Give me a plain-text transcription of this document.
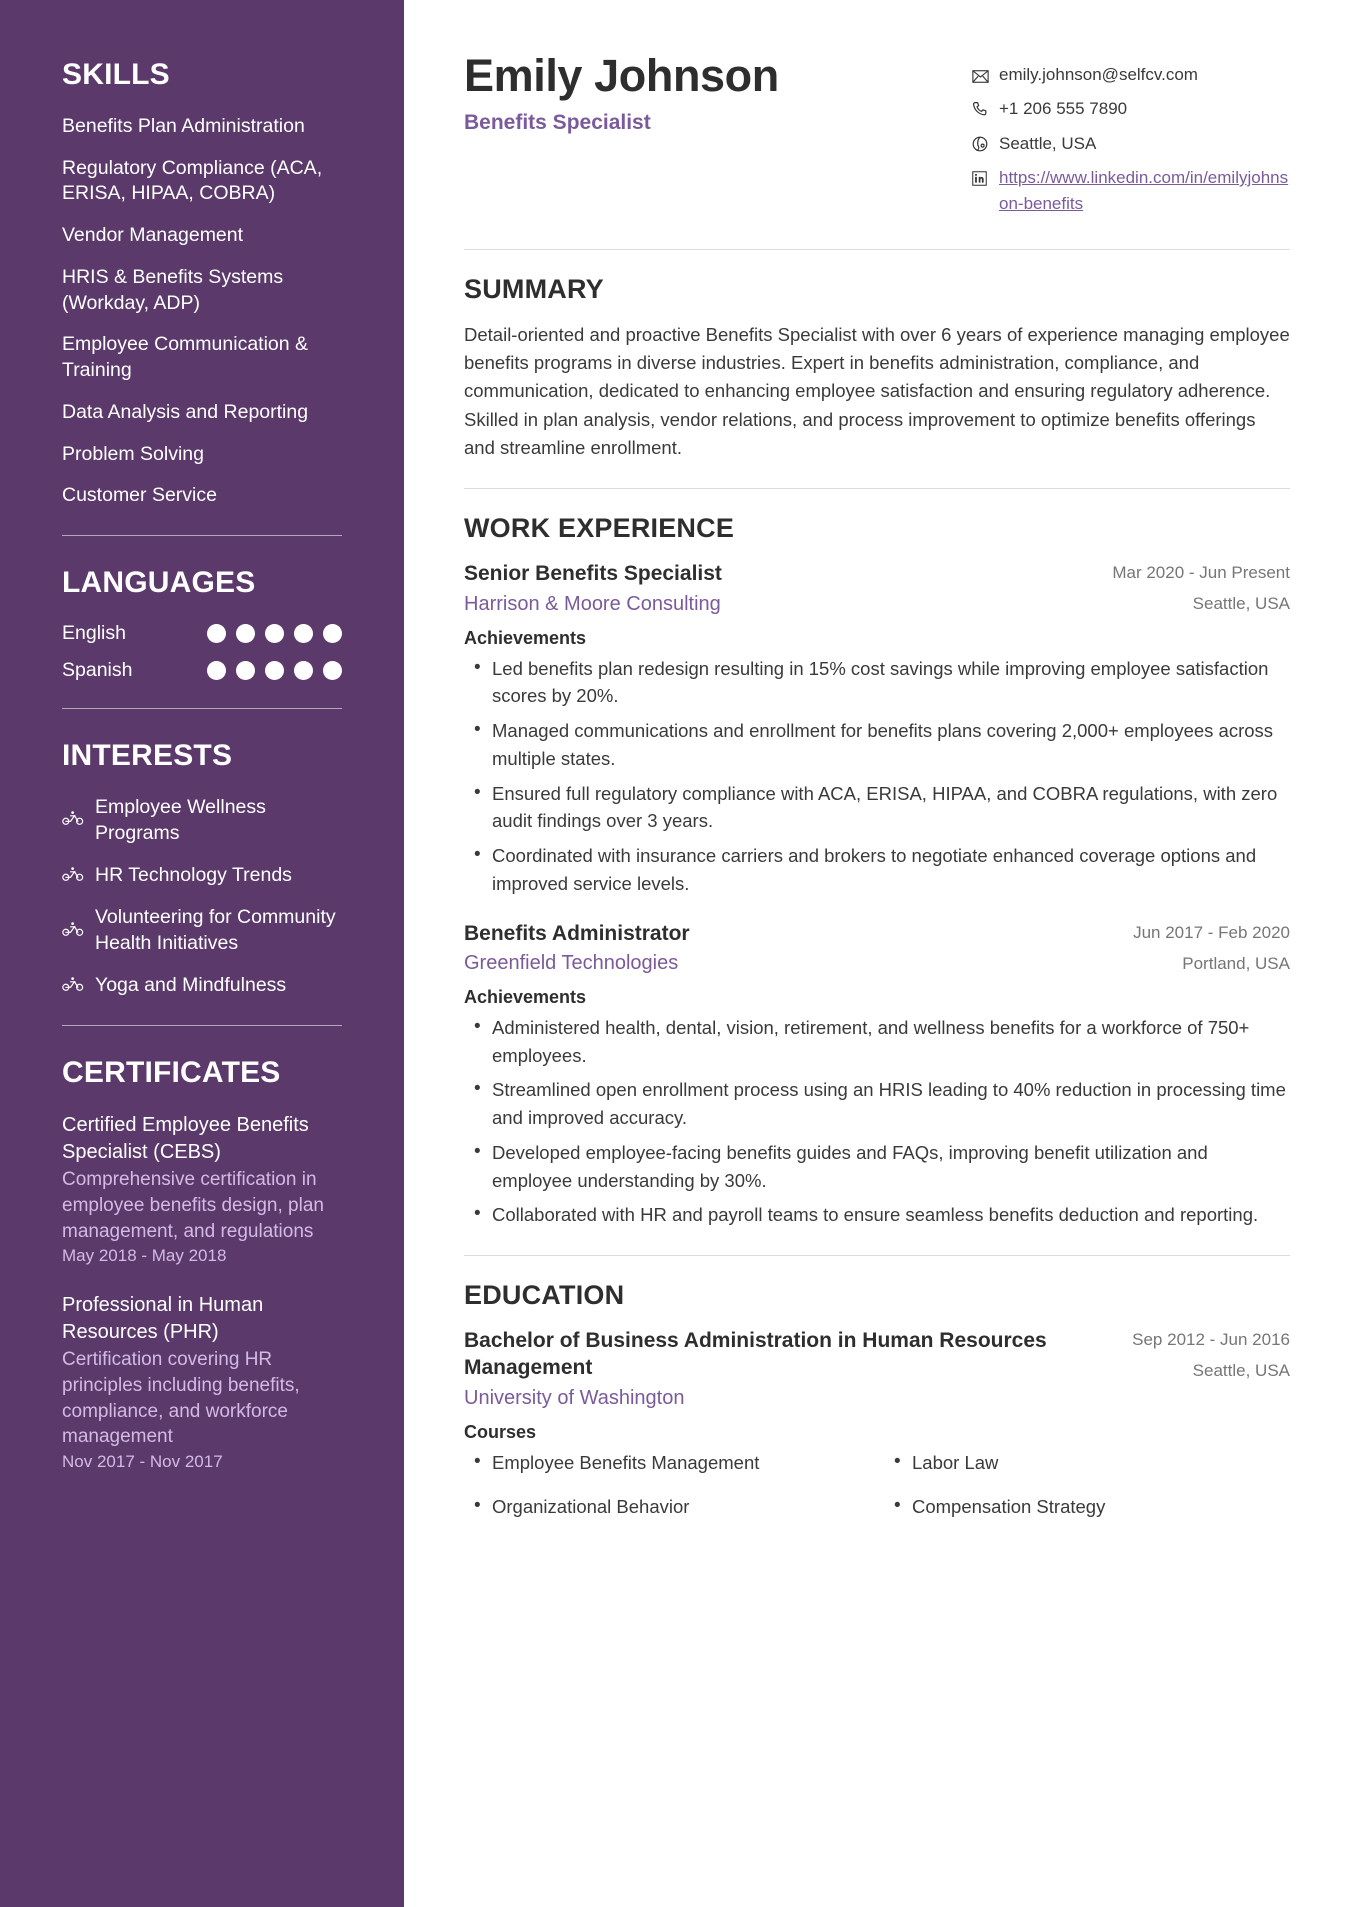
SKILLS
Benefits Plan Administration
Regulatory Compliance (ACA, ERISA, HIPAA, COBRA)
Vendor Management
HRIS & Benefits Systems (Workday, ADP)
Employee Communication & Training
Data Analysis and Reporting
Problem Solving
Customer Service
LANGUAGES
English
Spanish
INTERESTS
Employee Wellness Programs
HR Technology Trends
Volunteering for Community Health Initiatives
Yoga and Mindfulness
CERTIFICATES
Certified Employee Benefits Specialist (CEBS)
Comprehensive certification in employee benefits design, plan management, and regulations
May 2018 - May 2018
Professional in Human Resources (PHR)
Certification covering HR principles including benefits, compliance, and workforce management
Nov 2017 - Nov 2017
Emily Johnson
Benefits Specialist
emily.johnson@selfcv.com
+1 206 555 7890
Seattle, USA
https://www.linkedin.com/in/emilyjohnson-benefits
SUMMARY

Detail-oriented and proactive Benefits Specialist with over 6 years of experience managing employee benefits programs in diverse industries. Expert in benefits administration, compliance, and communication, dedicated to enhancing employee satisfaction and ensuring regulatory adherence. Skilled in plan analysis, vendor relations, and process improvement to optimize benefits offerings and streamline enrollment.

WORK EXPERIENCE
Senior Benefits Specialist
Harrison & Moore Consulting
Mar 2020 - Jun Present
Seattle, USA
Achievements
• Led benefits plan redesign resulting in 15% cost savings while improving employee satisfaction scores by 20%.
• Managed communications and enrollment for benefits plans covering 2,000+ employees across multiple states.
• Ensured full regulatory compliance with ACA, ERISA, HIPAA, and COBRA regulations, with zero audit findings over 3 years.
• Coordinated with insurance carriers and brokers to negotiate enhanced coverage options and improved service levels.
Benefits Administrator
Greenfield Technologies
Jun 2017 - Feb 2020
Portland, USA
Achievements
• Administered health, dental, vision, retirement, and wellness benefits for a workforce of 750+ employees.
• Streamlined open enrollment process using an HRIS leading to 40% reduction in processing time and improved accuracy.
• Developed employee-facing benefits guides and FAQs, improving benefit utilization and employee understanding by 30%.
• Collaborated with HR and payroll teams to ensure seamless benefits deduction and reporting.
EDUCATION
Bachelor of Business Administration in Human Resources Management
University of Washington
Sep 2012 - Jun 2016
Seattle, USA
Courses
• Employee Benefits Management	• Labor Law
• Organizational Behavior	• Compensation Strategy
